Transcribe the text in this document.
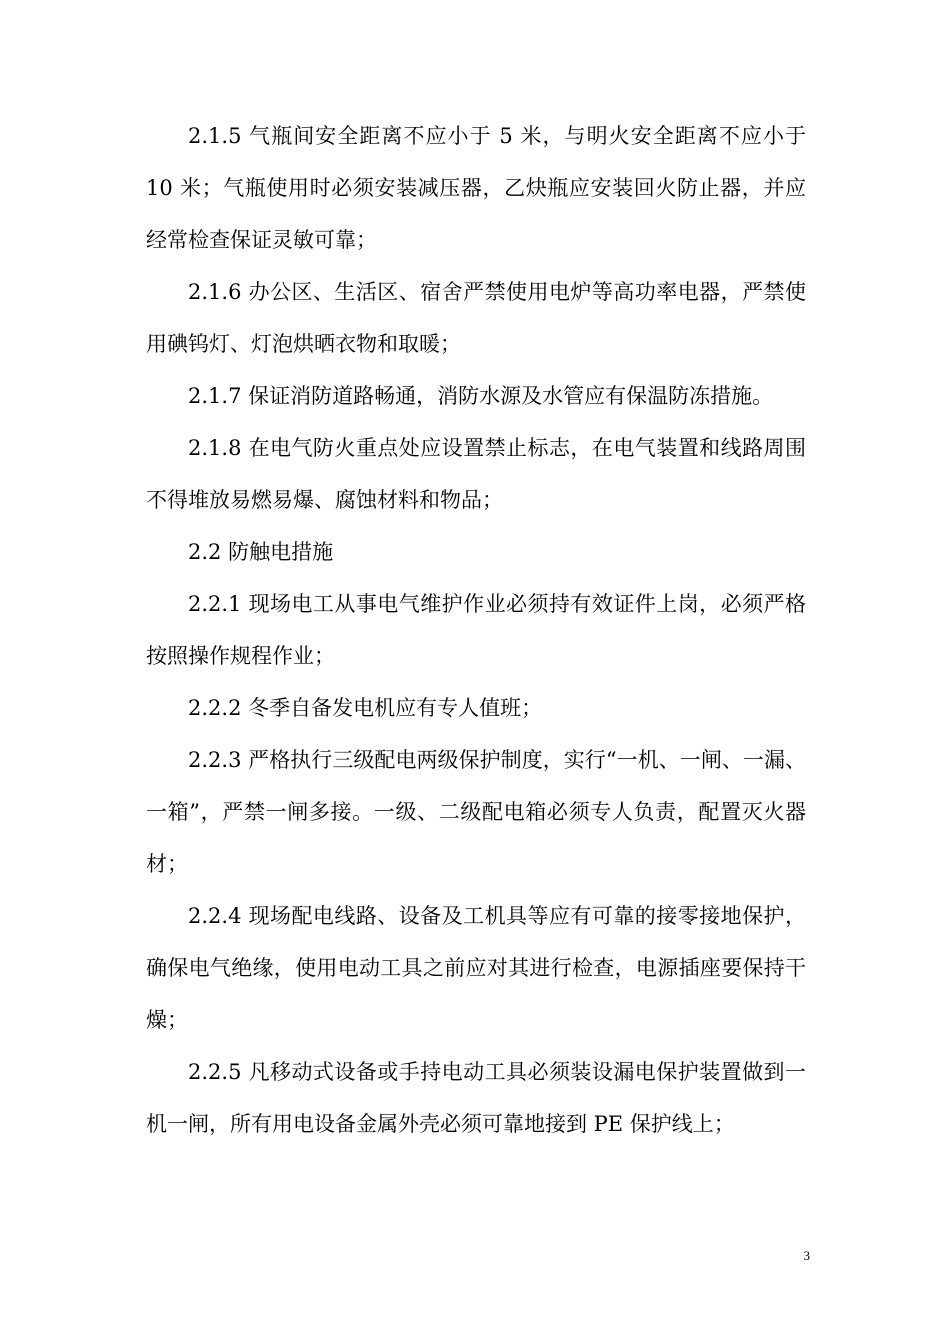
2.1.5 气瓶间安全距离不应小于 5 米，与明火安全距离不应小于 10 米；气瓶使用时必须安装减压器，乙炔瓶应安装回火防止器，并应经常检查保证灵敏可靠；

2.1.6 办公区、生活区、宿舍严禁使用电炉等高功率电器，严禁使用碘钨灯、灯泡烘晒衣物和取暖；

2.1.7 保证消防道路畅通，消防水源及水管应有保温防冻措施。

2.1.8 在电气防火重点处应设置禁止标志，在电气装置和线路周围不得堆放易燃易爆、腐蚀材料和物品；

2.2 防触电措施

2.2.1 现场电工从事电气维护作业必须持有效证件上岗，必须严格按照操作规程作业；

2.2.2 冬季自备发电机应有专人值班；

2.2.3 严格执行三级配电两级保护制度，实行“一机、一闸、一漏、一箱”，严禁一闸多接。一级、二级配电箱必须专人负责，配置灭火器材；

2.2.4 现场配电线路、设备及工机具等应有可靠的接零接地保护，确保电气绝缘，使用电动工具之前应对其进行检查，电源插座要保持干燥；

2.2.5 凡移动式设备或手持电动工具必须装设漏电保护装置做到一机一闸，所有用电设备金属外壳必须可靠地接到 PE 保护线上；

3
